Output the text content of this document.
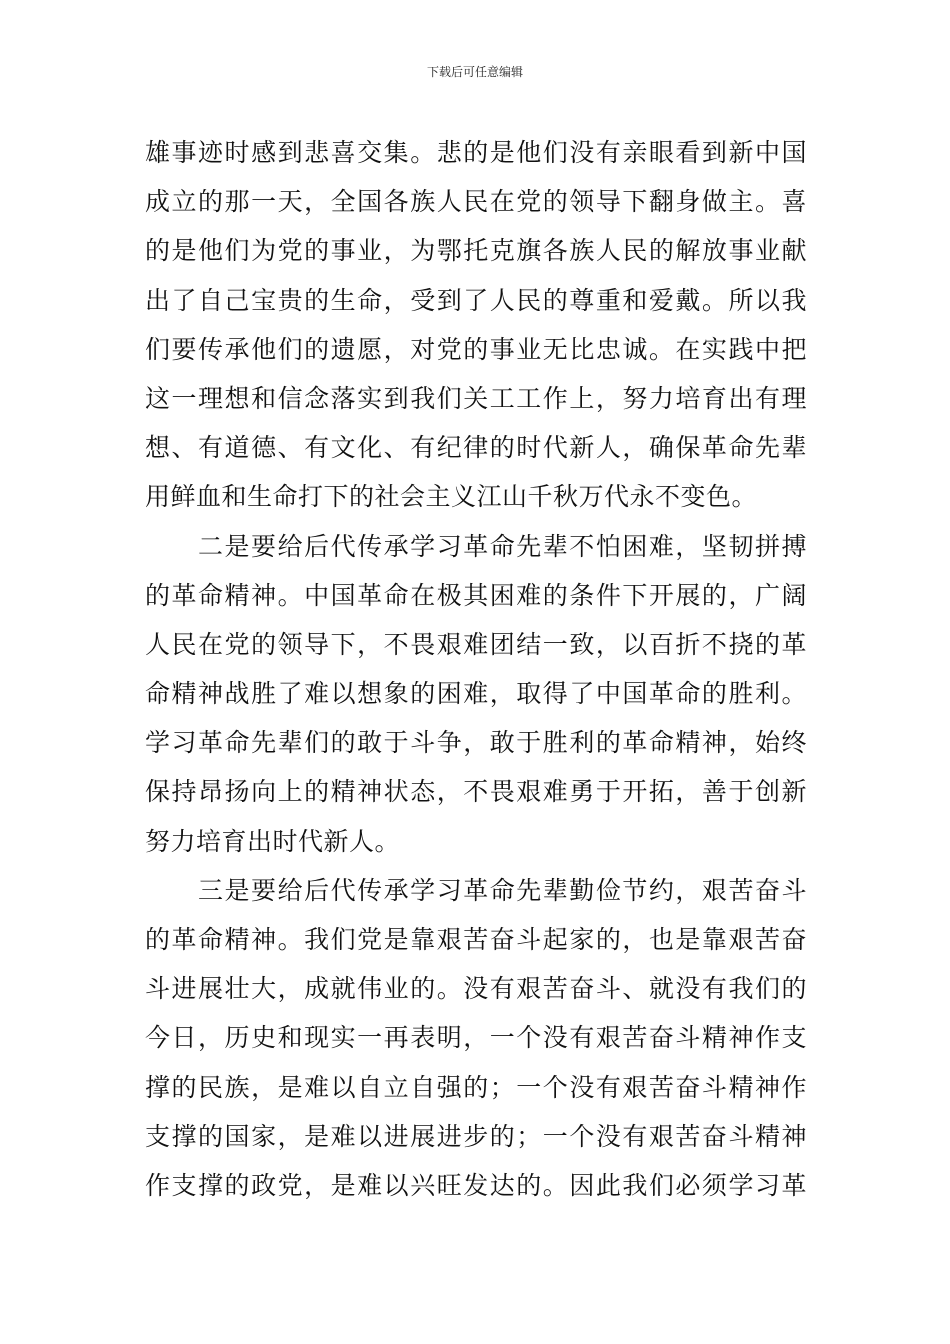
下载后可任意编辑
雄事迹时感到悲喜交集。悲的是他们没有亲眼看到新中国
成立的那一天，全国各族人民在党的领导下翻身做主。喜
的是他们为党的事业，为鄂托克旗各族人民的解放事业献
出了自己宝贵的生命，受到了人民的尊重和爱戴。所以我
们要传承他们的遗愿，对党的事业无比忠诚。在实践中把
这一理想和信念落实到我们关工工作上，努力培育出有理
想、有道德、有文化、有纪律的时代新人，确保革命先辈
用鲜血和生命打下的社会主义江山千秋万代永不变色。
二是要给后代传承学习革命先辈不怕困难，坚韧拼搏
的革命精神。中国革命在极其困难的条件下开展的，广阔
人民在党的领导下，不畏艰难团结一致，以百折不挠的革
命精神战胜了难以想象的困难，取得了中国革命的胜利。
学习革命先辈们的敢于斗争，敢于胜利的革命精神，始终
保持昂扬向上的精神状态，不畏艰难勇于开拓，善于创新
努力培育出时代新人。
三是要给后代传承学习革命先辈勤俭节约，艰苦奋斗
的革命精神。我们党是靠艰苦奋斗起家的，也是靠艰苦奋
斗进展壮大，成就伟业的。没有艰苦奋斗、就没有我们的
今日，历史和现实一再表明，一个没有艰苦奋斗精神作支
撑的民族，是难以自立自强的；一个没有艰苦奋斗精神作
支撑的国家，是难以进展进步的；一个没有艰苦奋斗精神
作支撑的政党，是难以兴旺发达的。因此我们必须学习革
